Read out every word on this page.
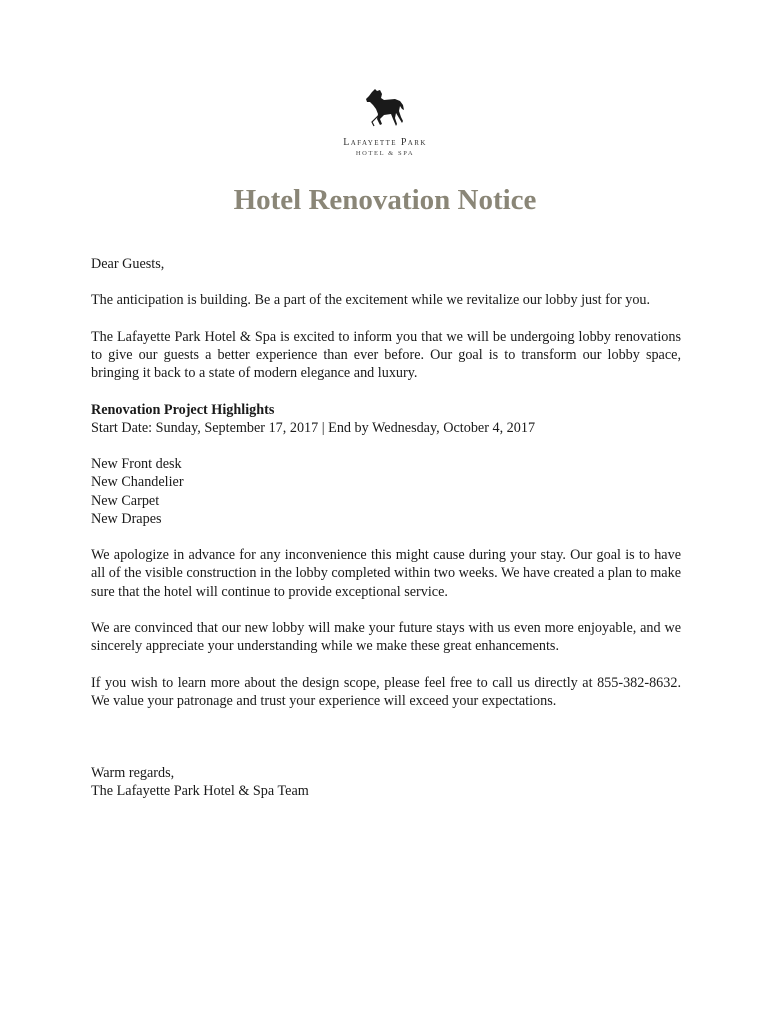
Lafayette Park
HOTEL & SPA
Hotel Renovation Notice

Dear Guests,

The anticipation is building. Be a part of the excitement while we revitalize our lobby just for you.

The Lafayette Park Hotel & Spa is excited to inform you that we will be undergoing lobby renovations to give our guests a better experience than ever before. Our goal is to transform our lobby space, bringing it back to a state of modern elegance and luxury.

Renovation Project Highlights
Start Date: Sunday, September 17, 2017 | End by Wednesday, October 4, 2017

New Front desk
New Chandelier
New Carpet
New Drapes

We apologize in advance for any inconvenience this might cause during your stay. Our goal is to have all of the visible construction in the lobby completed within two weeks. We have created a plan to make sure that the hotel will continue to provide exceptional service.

We are convinced that our new lobby will make your future stays with us even more enjoyable, and we sincerely appreciate your understanding while we make these great enhancements.

If you wish to learn more about the design scope, please feel free to call us directly at 855-382-8632. We value your patronage and trust your experience will exceed your expectations.

Warm regards,
The Lafayette Park Hotel & Spa Team
